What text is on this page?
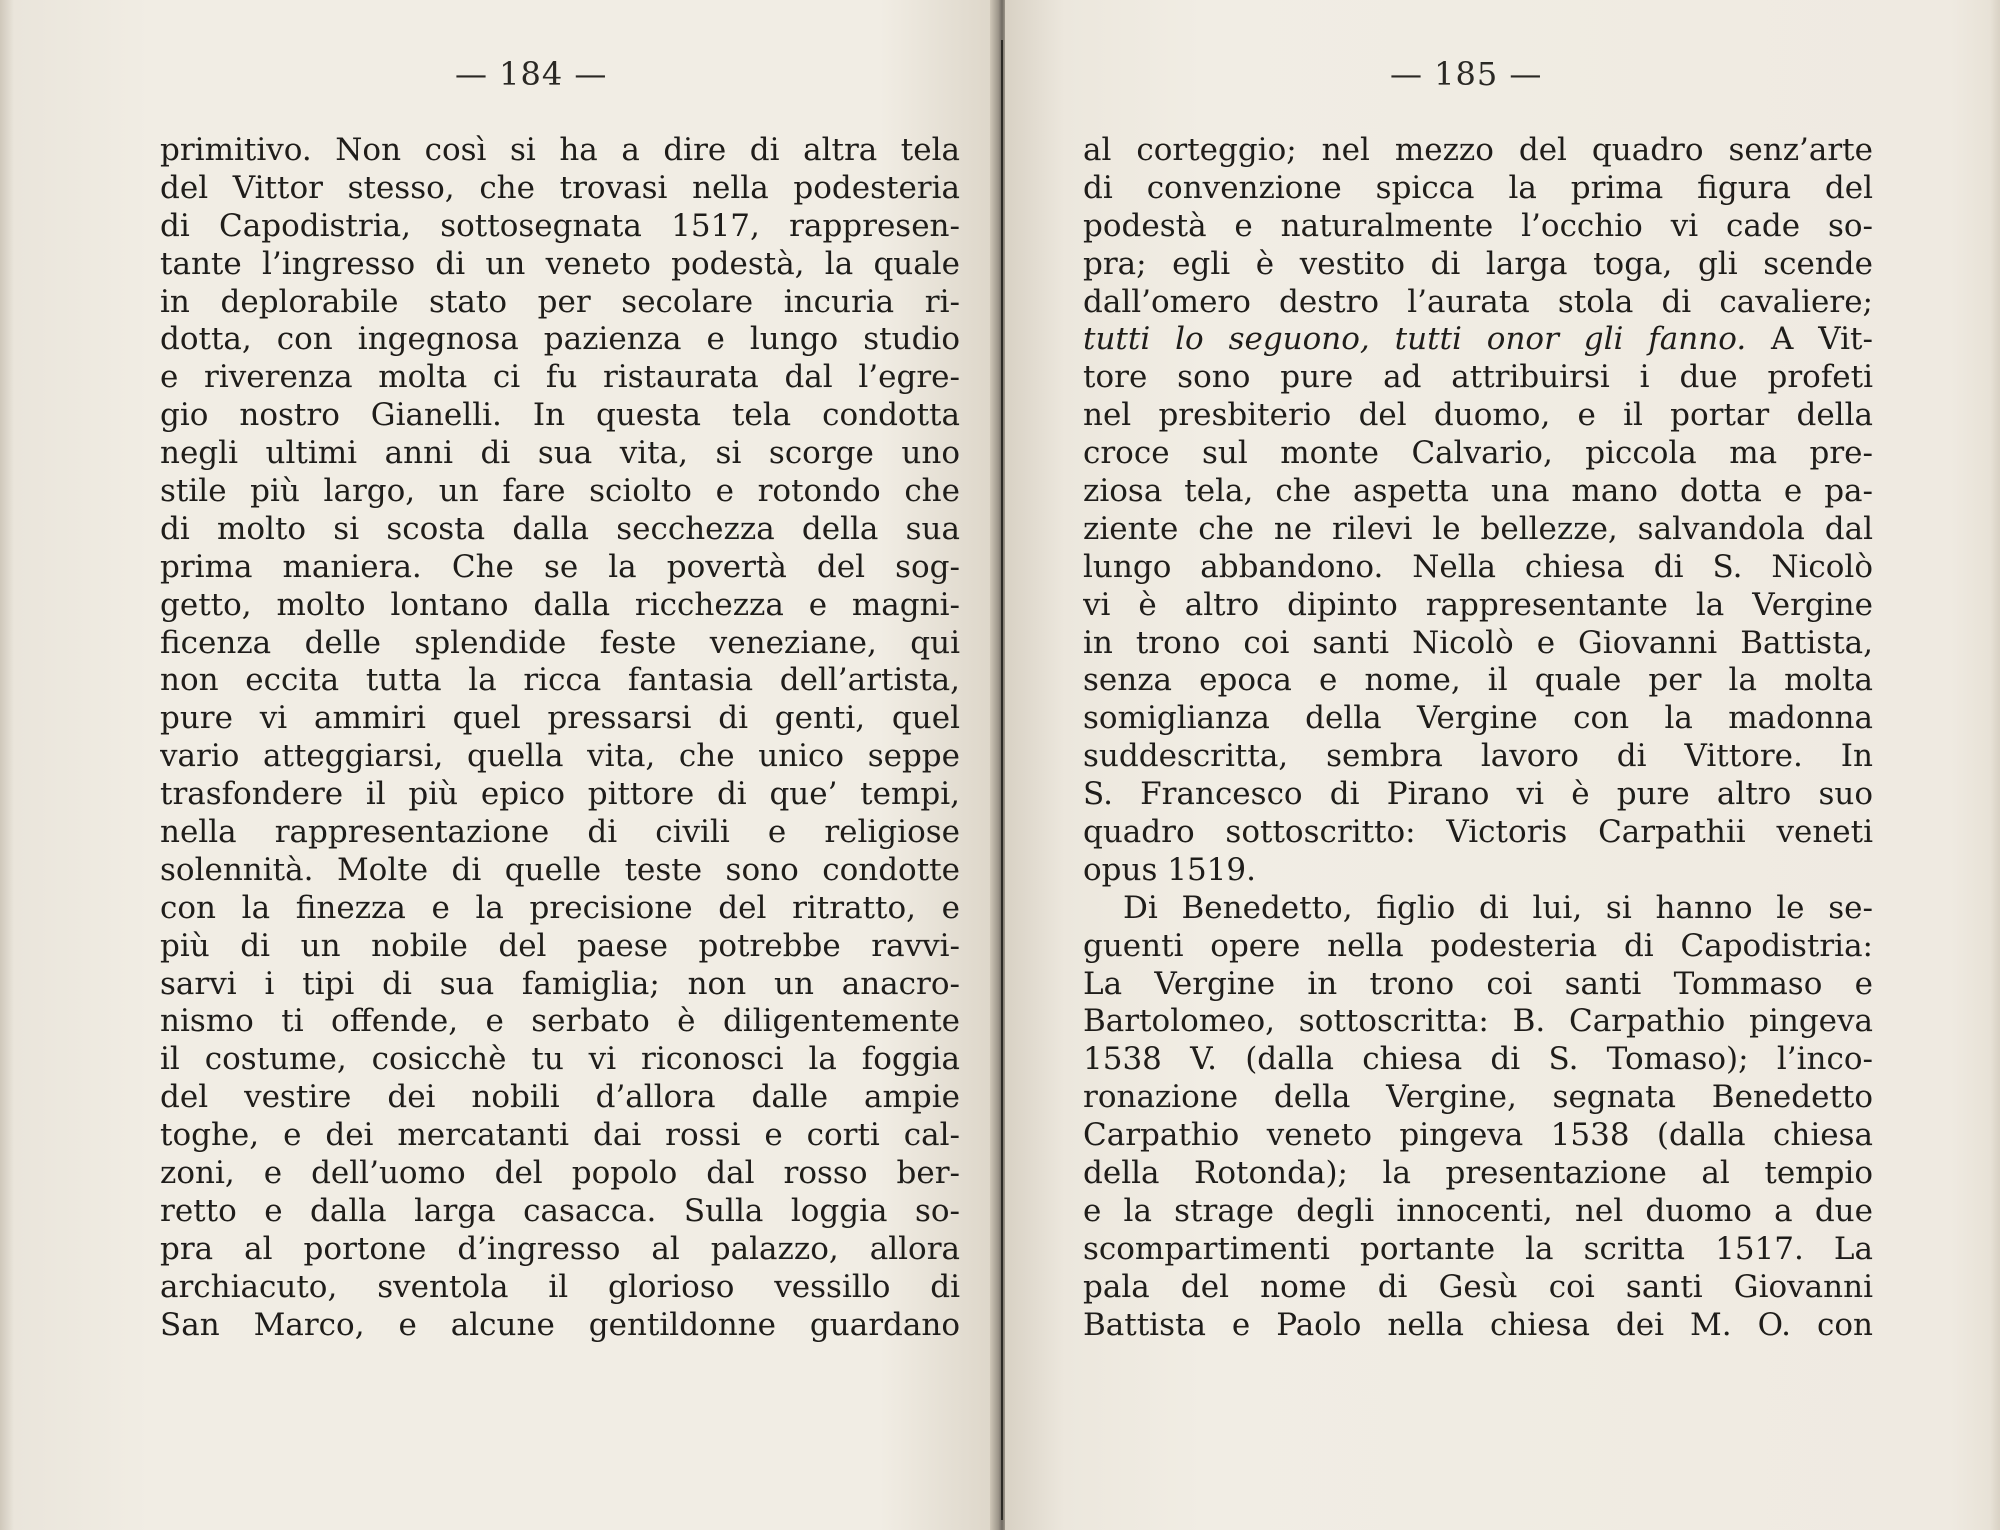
— 184 —
primitivo. Non così si ha a dire di altra tela
del Vittor stesso, che trovasi nella podesteria
di Capodistria, sottosegnata 1517, rappresen-
tante l’ingresso di un veneto podestà, la quale
in deplorabile stato per secolare incuria ri-
dotta, con ingegnosa pazienza e lungo studio
e riverenza molta ci fu ristaurata dal l’egre-
gio nostro Gianelli. In questa tela condotta
negli ultimi anni di sua vita, si scorge uno
stile più largo, un fare sciolto e rotondo che
di molto si scosta dalla secchezza della sua
prima maniera. Che se la povertà del sog-
getto, molto lontano dalla ricchezza e magni-
ficenza delle splendide feste veneziane, qui
non eccita tutta la ricca fantasia dell’artista,
pure vi ammiri quel pressarsi di genti, quel
vario atteggiarsi, quella vita, che unico seppe
trasfondere il più epico pittore di que’ tempi,
nella rappresentazione di civili e religiose
solennità. Molte di quelle teste sono condotte
con la finezza e la precisione del ritratto, e
più di un nobile del paese potrebbe ravvi-
sarvi i tipi di sua famiglia; non un anacro-
nismo ti offende, e serbato è diligentemente
il costume, cosicchè tu vi riconosci la foggia
del vestire dei nobili d’allora dalle ampie
toghe, e dei mercatanti dai rossi e corti cal-
zoni, e dell’uomo del popolo dal rosso ber-
retto e dalla larga casacca. Sulla loggia so-
pra al portone d’ingresso al palazzo, allora
archiacuto, sventola il glorioso vessillo di
San Marco, e alcune gentildonne guardano
— 185 —
al corteggio; nel mezzo del quadro senz’arte
di convenzione spicca la prima figura del
podestà e naturalmente l’occhio vi cade so-
pra; egli è vestito di larga toga, gli scende
dall’omero destro l’aurata stola di cavaliere;
tutti lo seguono, tutti onor gli fanno. A Vit-
tore sono pure ad attribuirsi i due profeti
nel presbiterio del duomo, e il portar della
croce sul monte Calvario, piccola ma pre-
ziosa tela, che aspetta una mano dotta e pa-
ziente che ne rilevi le bellezze, salvandola dal
lungo abbandono. Nella chiesa di S. Nicolò
vi è altro dipinto rappresentante la Vergine
in trono coi santi Nicolò e Giovanni Battista,
senza epoca e nome, il quale per la molta
somiglianza della Vergine con la madonna
suddescritta, sembra lavoro di Vittore. In
S. Francesco di Pirano vi è pure altro suo
quadro sottoscritto: Victoris Carpathii veneti
opus 1519.
Di Benedetto, figlio di lui, si hanno le se-
guenti opere nella podesteria di Capodistria:
La Vergine in trono coi santi Tommaso e
Bartolomeo, sottoscritta: B. Carpathio pingeva
1538 V. (dalla chiesa di S. Tomaso); l’inco-
ronazione della Vergine, segnata Benedetto
Carpathio veneto pingeva 1538 (dalla chiesa
della Rotonda); la presentazione al tempio
e la strage degli innocenti, nel duomo a due
scompartimenti portante la scritta 1517. La
pala del nome di Gesù coi santi Giovanni
Battista e Paolo nella chiesa dei M. O. con
